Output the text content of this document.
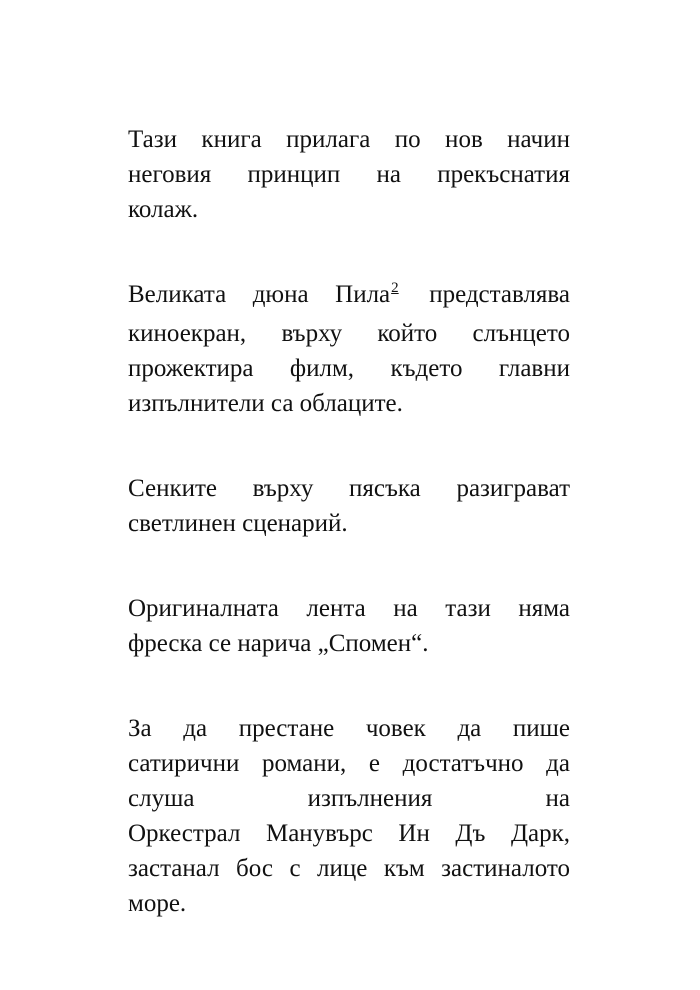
Тази книга прилага по нов начин
неговия принцип на прекъснатия
колаж.
Великата дюна Пила$^2$ представлява
киноекран, върху който слънцето
прожектира филм, където главни
изпълнители са облаците.
Сенките върху пясъка разиграват
светлинен сценарий.
Оригиналната лента на тази няма
фреска се нарича „Спомен“.
За да престане човек да пише
сатирични романи, е достатъчно да
слуша изпълнения на
Оркестрал Манувърс Ин Дъ Дарк,
застанал бос с лице към застиналото
море.
